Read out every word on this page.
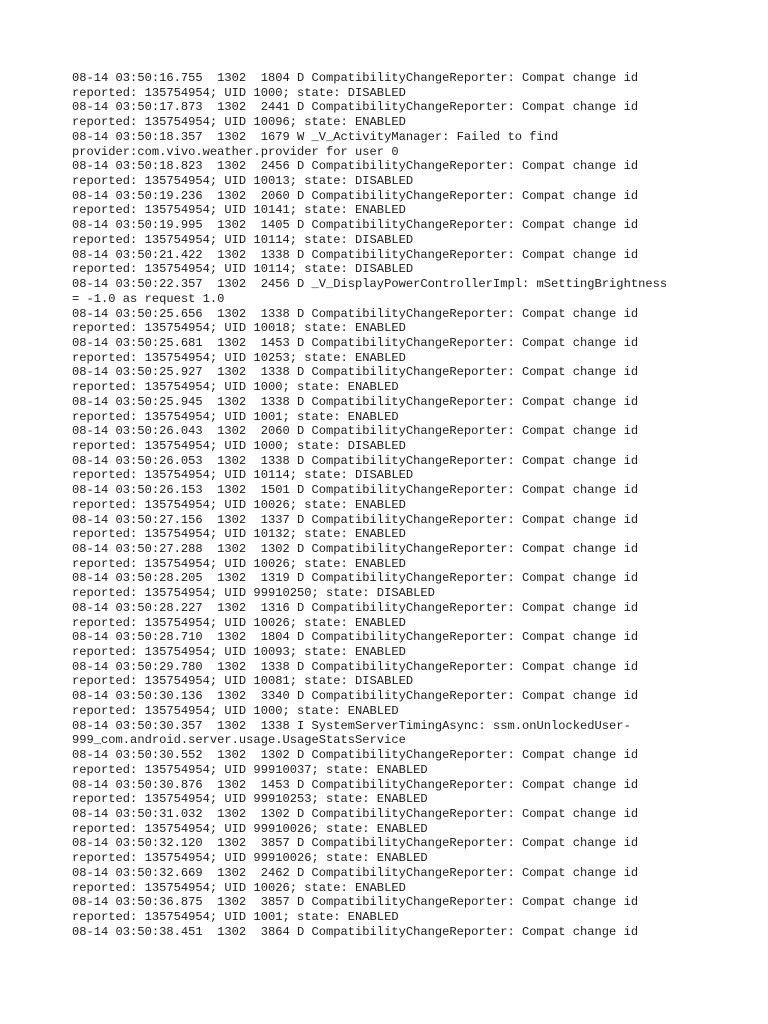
08-14 03:50:16.755  1302  1804 D CompatibilityChangeReporter: Compat change id
reported: 135754954; UID 1000; state: DISABLED
08-14 03:50:17.873  1302  2441 D CompatibilityChangeReporter: Compat change id
reported: 135754954; UID 10096; state: ENABLED
08-14 03:50:18.357  1302  1679 W _V_ActivityManager: Failed to find
provider:com.vivo.weather.provider for user 0
08-14 03:50:18.823  1302  2456 D CompatibilityChangeReporter: Compat change id
reported: 135754954; UID 10013; state: DISABLED
08-14 03:50:19.236  1302  2060 D CompatibilityChangeReporter: Compat change id
reported: 135754954; UID 10141; state: ENABLED
08-14 03:50:19.995  1302  1405 D CompatibilityChangeReporter: Compat change id
reported: 135754954; UID 10114; state: DISABLED
08-14 03:50:21.422  1302  1338 D CompatibilityChangeReporter: Compat change id
reported: 135754954; UID 10114; state: DISABLED
08-14 03:50:22.357  1302  2456 D _V_DisplayPowerControllerImpl: mSettingBrightness
= -1.0 as request 1.0
08-14 03:50:25.656  1302  1338 D CompatibilityChangeReporter: Compat change id
reported: 135754954; UID 10018; state: ENABLED
08-14 03:50:25.681  1302  1453 D CompatibilityChangeReporter: Compat change id
reported: 135754954; UID 10253; state: ENABLED
08-14 03:50:25.927  1302  1338 D CompatibilityChangeReporter: Compat change id
reported: 135754954; UID 1000; state: ENABLED
08-14 03:50:25.945  1302  1338 D CompatibilityChangeReporter: Compat change id
reported: 135754954; UID 1001; state: ENABLED
08-14 03:50:26.043  1302  2060 D CompatibilityChangeReporter: Compat change id
reported: 135754954; UID 1000; state: DISABLED
08-14 03:50:26.053  1302  1338 D CompatibilityChangeReporter: Compat change id
reported: 135754954; UID 10114; state: DISABLED
08-14 03:50:26.153  1302  1501 D CompatibilityChangeReporter: Compat change id
reported: 135754954; UID 10026; state: ENABLED
08-14 03:50:27.156  1302  1337 D CompatibilityChangeReporter: Compat change id
reported: 135754954; UID 10132; state: ENABLED
08-14 03:50:27.288  1302  1302 D CompatibilityChangeReporter: Compat change id
reported: 135754954; UID 10026; state: ENABLED
08-14 03:50:28.205  1302  1319 D CompatibilityChangeReporter: Compat change id
reported: 135754954; UID 99910250; state: DISABLED
08-14 03:50:28.227  1302  1316 D CompatibilityChangeReporter: Compat change id
reported: 135754954; UID 10026; state: ENABLED
08-14 03:50:28.710  1302  1804 D CompatibilityChangeReporter: Compat change id
reported: 135754954; UID 10093; state: ENABLED
08-14 03:50:29.780  1302  1338 D CompatibilityChangeReporter: Compat change id
reported: 135754954; UID 10081; state: DISABLED
08-14 03:50:30.136  1302  3340 D CompatibilityChangeReporter: Compat change id
reported: 135754954; UID 1000; state: ENABLED
08-14 03:50:30.357  1302  1338 I SystemServerTimingAsync: ssm.onUnlockedUser-
999_com.android.server.usage.UsageStatsService
08-14 03:50:30.552  1302  1302 D CompatibilityChangeReporter: Compat change id
reported: 135754954; UID 99910037; state: ENABLED
08-14 03:50:30.876  1302  1453 D CompatibilityChangeReporter: Compat change id
reported: 135754954; UID 99910253; state: ENABLED
08-14 03:50:31.032  1302  1302 D CompatibilityChangeReporter: Compat change id
reported: 135754954; UID 99910026; state: ENABLED
08-14 03:50:32.120  1302  3857 D CompatibilityChangeReporter: Compat change id
reported: 135754954; UID 99910026; state: ENABLED
08-14 03:50:32.669  1302  2462 D CompatibilityChangeReporter: Compat change id
reported: 135754954; UID 10026; state: ENABLED
08-14 03:50:36.875  1302  3857 D CompatibilityChangeReporter: Compat change id
reported: 135754954; UID 1001; state: ENABLED
08-14 03:50:38.451  1302  3864 D CompatibilityChangeReporter: Compat change id
